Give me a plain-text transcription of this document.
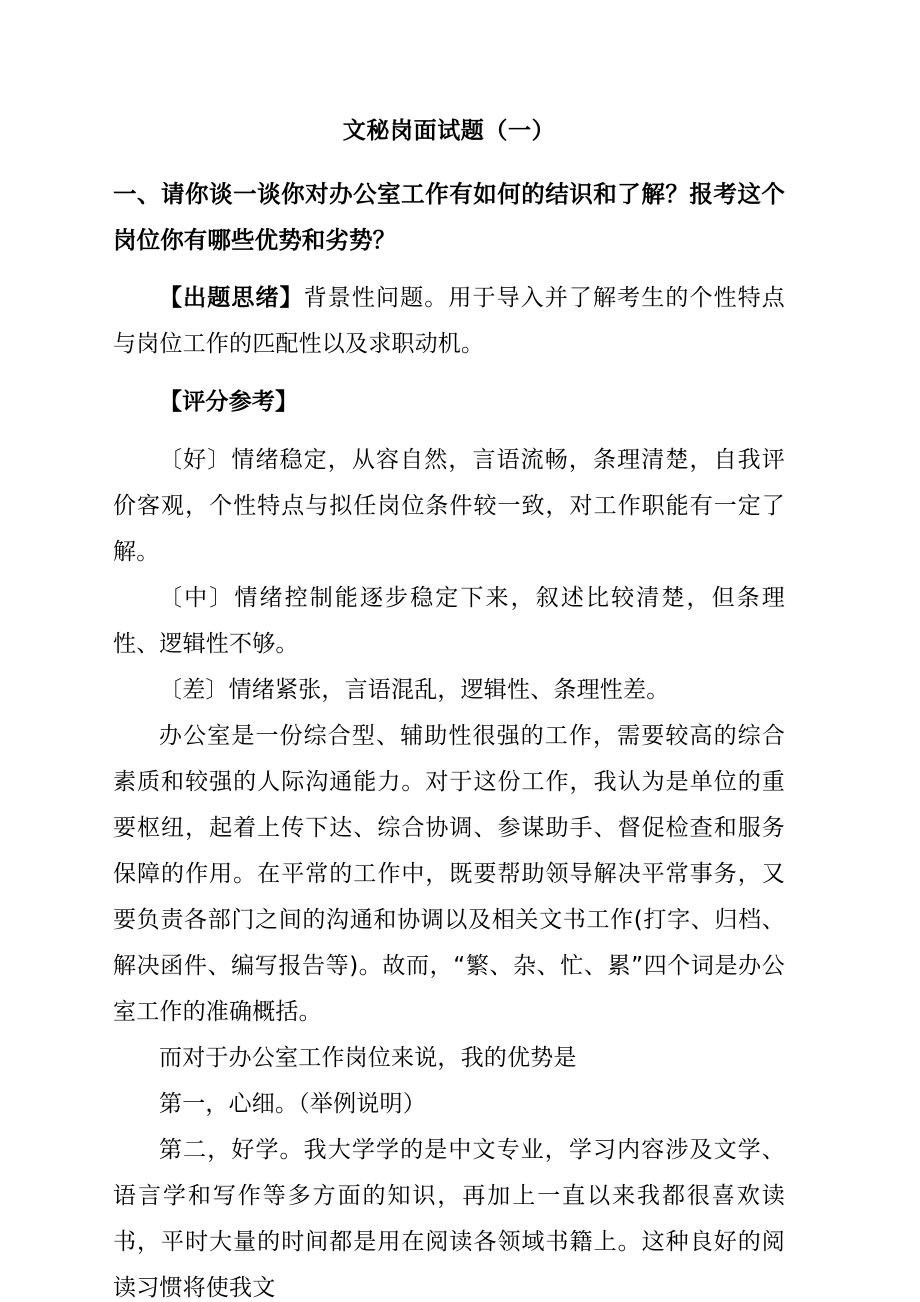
文秘岗面试题（一）

一、请你谈一谈你对办公室工作有如何的结识和了解？报考这个岗位你有哪些优势和劣势？

【出题思绪】背景性问题。用于导入并了解考生的个性特点与岗位工作的匹配性以及求职动机。

【评分参考】

〔好〕情绪稳定，从容自然，言语流畅，条理清楚，自我评价客观，个性特点与拟任岗位条件较一致，对工作职能有一定了解。

〔中〕情绪控制能逐步稳定下来，叙述比较清楚，但条理性、逻辑性不够。

〔差〕情绪紧张，言语混乱，逻辑性、条理性差。

办公室是一份综合型、辅助性很强的工作，需要较高的综合素质和较强的人际沟通能力。对于这份工作，我认为是单位的重要枢纽，起着上传下达、综合协调、参谋助手、督促检查和服务保障的作用。在平常的工作中，既要帮助领导解决平常事务，又要负责各部门之间的沟通和协调以及相关文书工作(打字、归档、解决函件、编写报告等)。故而，“繁、杂、忙、累”四个词是办公室工作的准确概括。

而对于办公室工作岗位来说，我的优势是

第一，心细。（举例说明）

第二，好学。我大学学的是中文专业，学习内容涉及文学、语言学和写作等多方面的知识，再加上一直以来我都很喜欢读书，平时大量的时间都是用在阅读各领域书籍上。这种良好的阅读习惯将使我文
